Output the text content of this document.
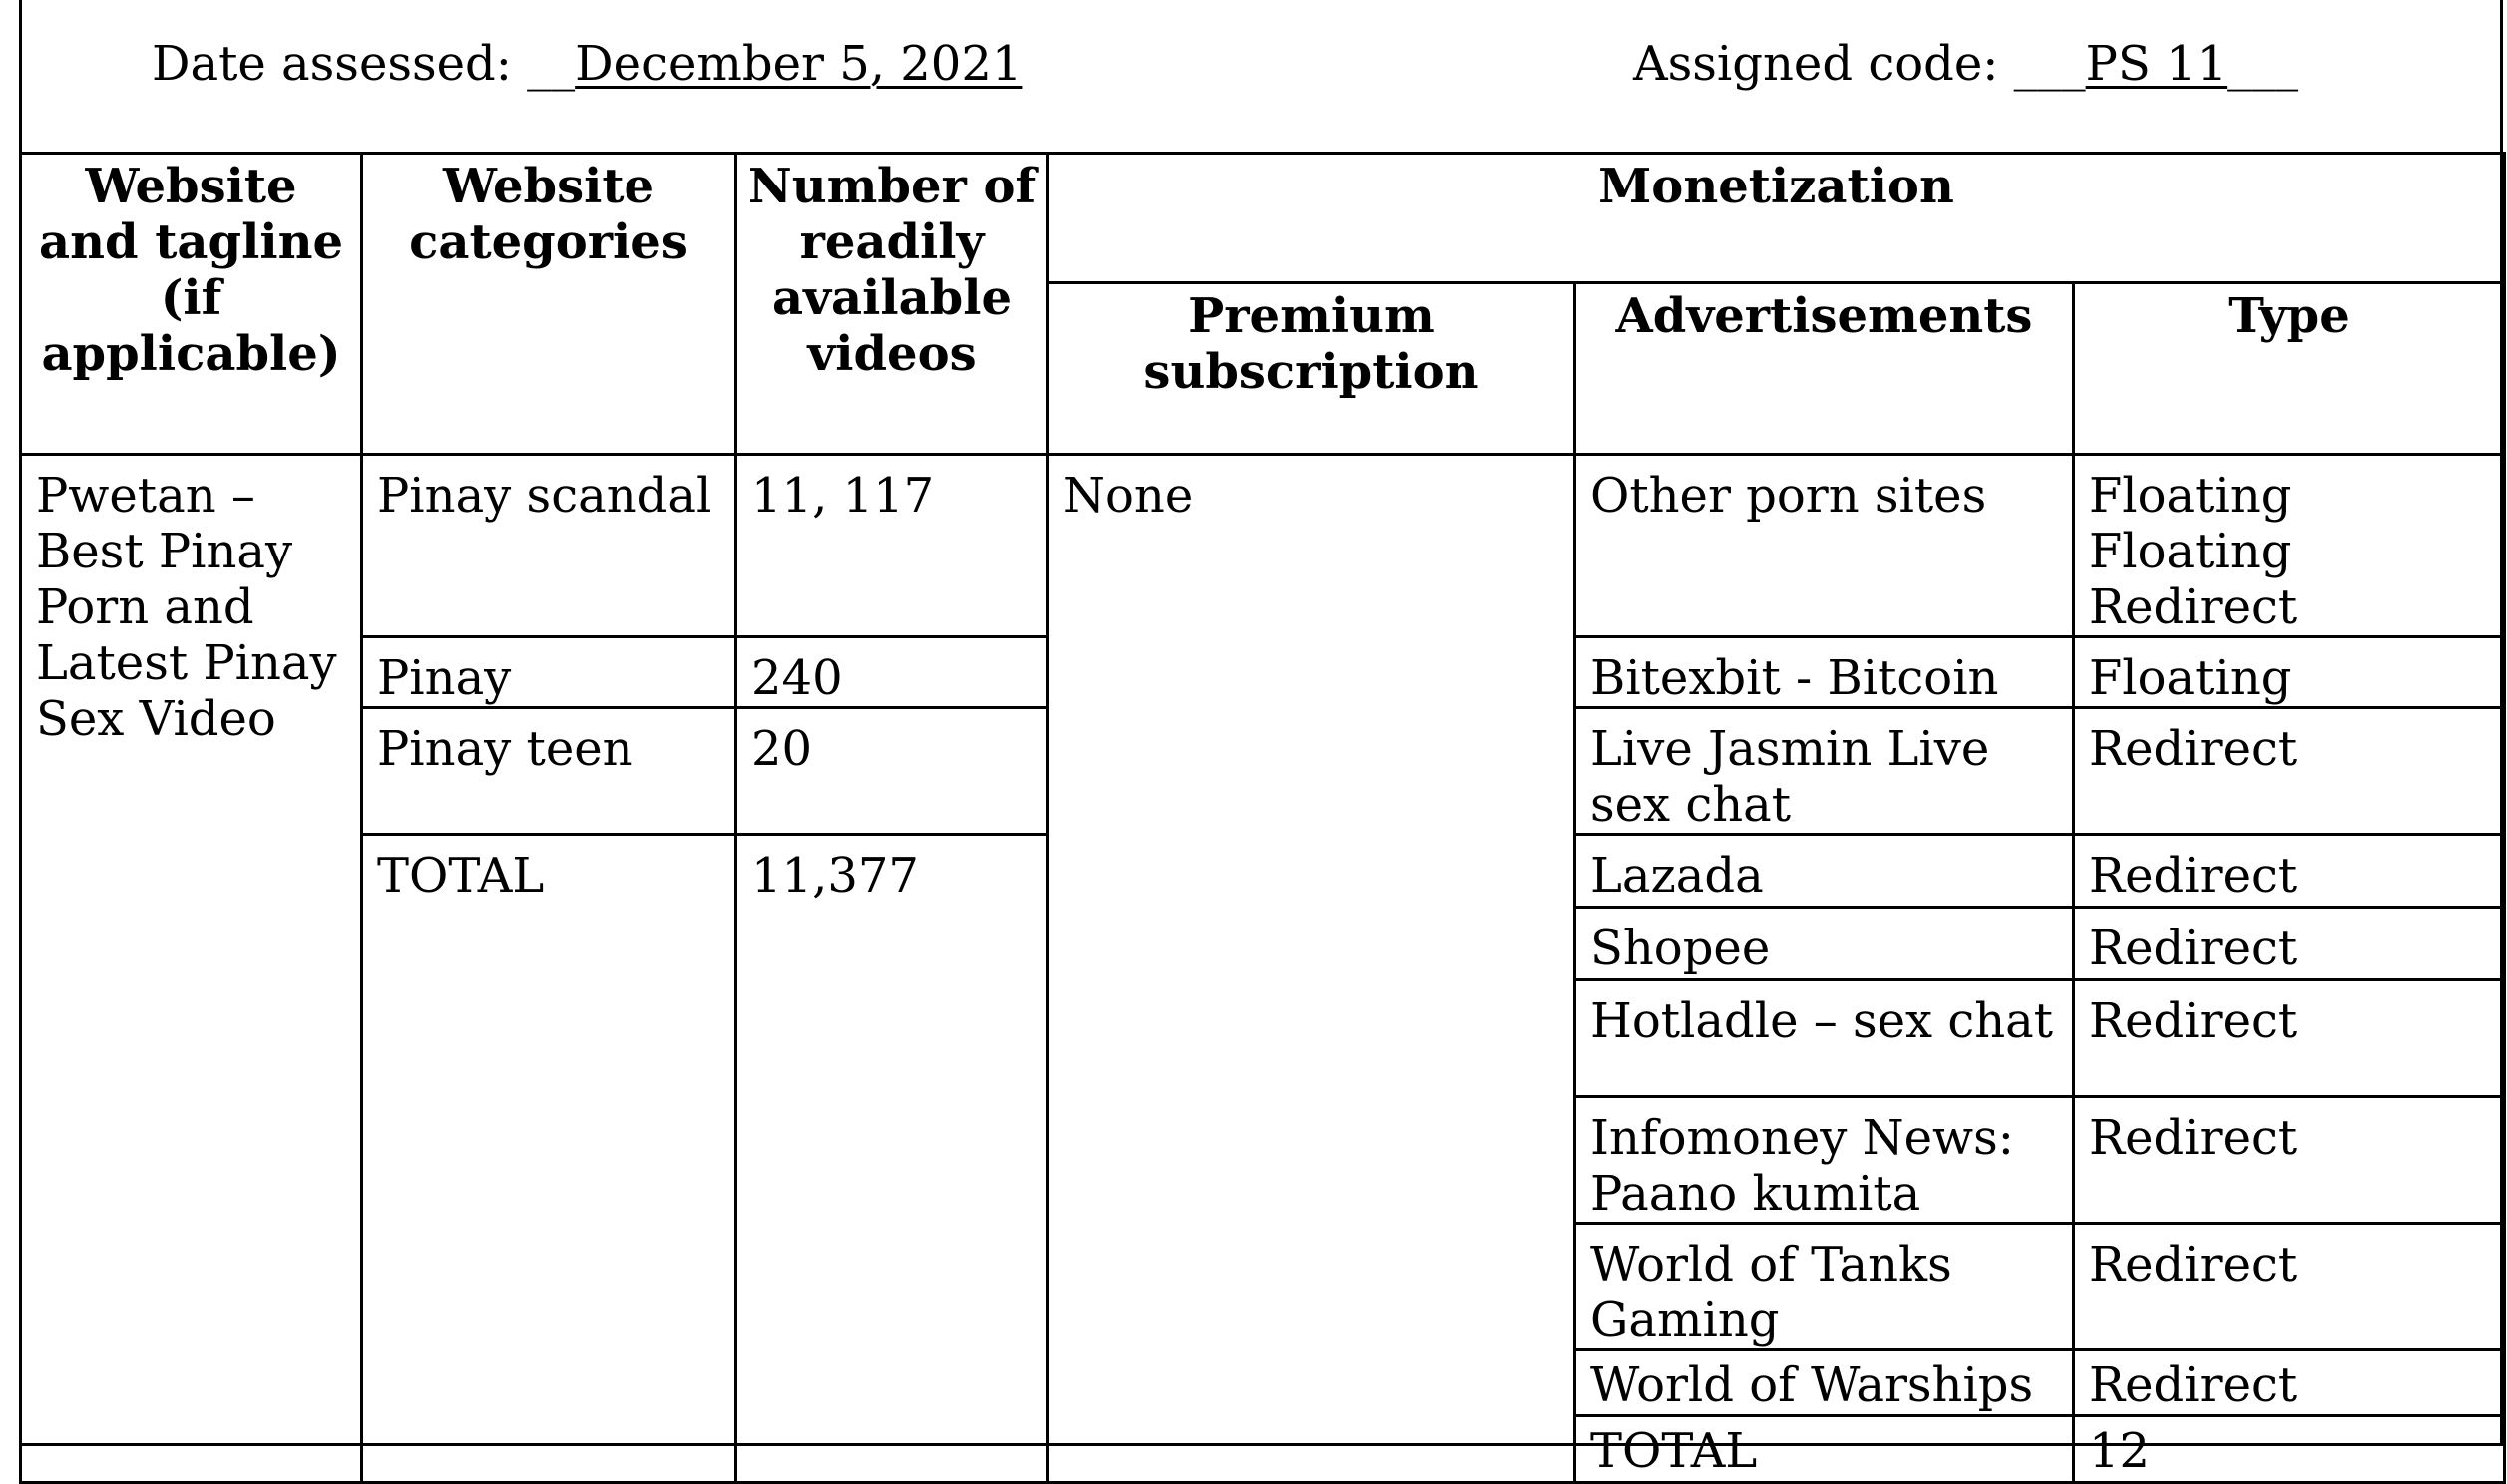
Date assessed: __December 5, 2021	Assigned code: ___PS 11___
Website and tagline (if applicable)	Website categories	Number of readily available videos	Monetization		

			Premium subscription	Advertisements	Type

Pwetan – Best Pinay Porn and Latest Pinay Sex Video	Pinay scandal	11, 117	None	Other porn sites	Floating
Floating
Redirect

	Pinay	240		Bitexbit - Bitcoin	Floating

	Pinay teen	20		Live Jasmin Live sex chat	Redirect

	TOTAL	11,377		Lazada	Redirect

				Shopee	Redirect

				Hotladle – sex chat	Redirect

				Infomoney News: Paano kumita	Redirect

				World of Tanks Gaming	Redirect

				World of Warships	Redirect

				TOTAL	12
